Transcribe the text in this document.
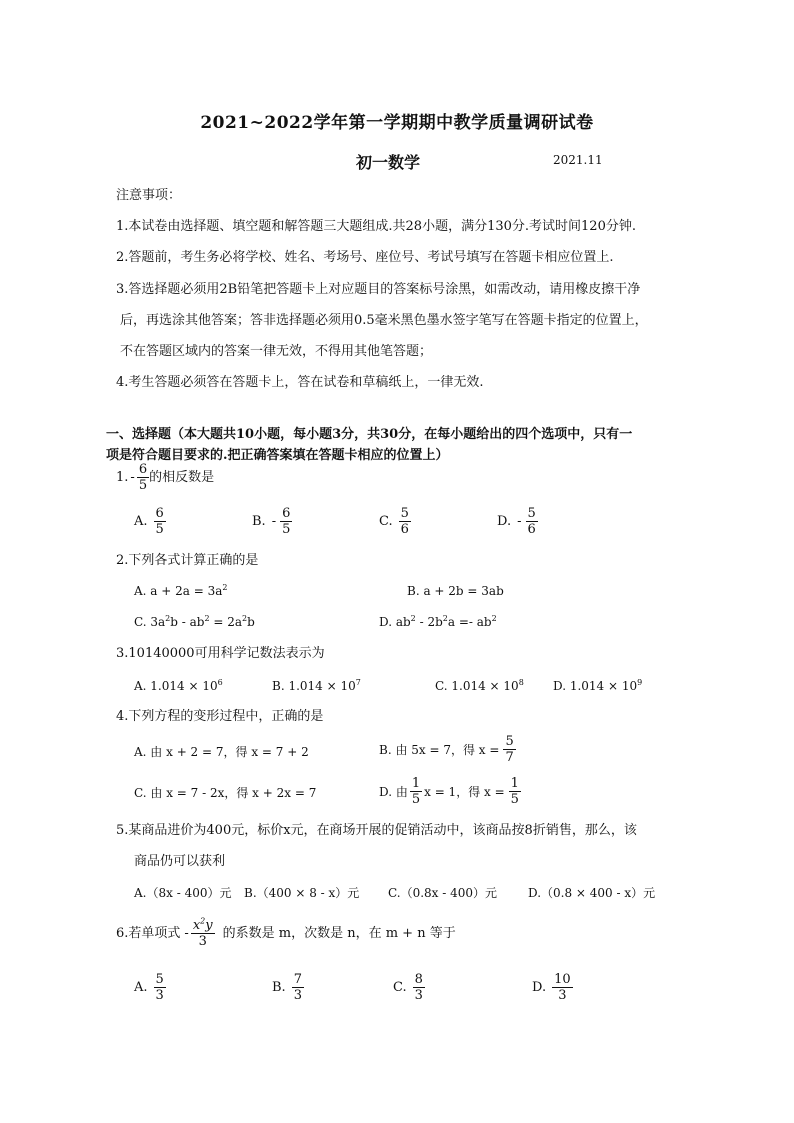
2021~2022学年第一学期期中教学质量调研试卷
初一数学	2021.11
注意事项：
1.本试卷由选择题、填空题和解答题三大题组成.共28小题，满分130分.考试时间120分钟.
2.答题前，考生务必将学校、姓名、考场号、座位号、考试号填写在答题卡相应位置上.
3.答选择题必须用2B铅笔把答题卡上对应题目的答案标号涂黑，如需改动，请用橡皮擦干净
后，再选涂其他答案；答非选择题必须用0.5毫米黑色墨水签字笔写在答题卡指定的位置上，
不在答题区域内的答案一律无效，不得用其他笔答题；
4.考生答题必须答在答题卡上，答在试卷和草稿纸上，一律无效.
一、选择题（本大题共10小题，每小题3分，共30分，在每小题给出的四个选项中，只有一
项是符合题目要求的.把正确答案填在答题卡相应的位置上）
1. - $\frac{6}{5}$ 的相反数是
A. $\frac{6}{5}$	B. - $\frac{6}{5}$	C. $\frac{5}{6}$	D. - $\frac{5}{6}$
2.下列各式计算正确的是
A. $a + 2a = 3a^2$	B. a + 2b = 3ab
C. $3a^2b - ab^2 = 2a^2b$	D. $ab^2 - 2b^2a =- ab^2$
3.10140000可用科学记数法表示为
A. $1.014 \times 10^6$	B. $1.014 \times 10^7$	C. $1.014 \times 10^8$ D. $1.014 \times 10^9$
4.下列方程的变形过程中，正确的是
A. 由 x + 2 = 7，得 x = 7 + 2	B. 由 5x = 7，得 $x = \frac{5}{7}$
C. 由 x = 7 - 2x，得 x + 2x = 7	D. 由 $\frac{1}{5}$ x = 1，得 $x = \frac{1}{5}$
5.某商品进价为400元，标价x元，在商场开展的促销活动中，该商品按8折销售，那么，该
商品仍可以获利
A.（8x - 400）元 B.（400 × 8 - x）元 C.（0.8x - 400）元	D.（0.8 × 400 - x）元
6.若单项式 - $\frac{x^2y}{3}$ 的系数是 m，次数是 n，在 m + n 等于
A. $\frac{5}{3}$	B. $\frac{7}{3}$	C. $\frac{8}{3}$	D. $\frac{10}{3}$
